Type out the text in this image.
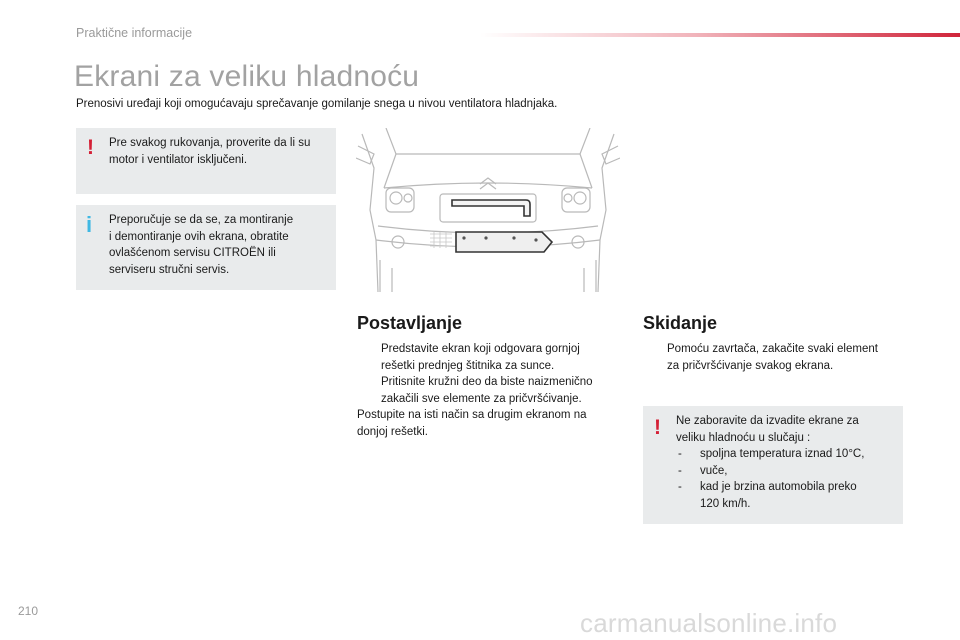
Praktične informacije
Ekrani za veliku hladnoću
Prenosivi uređaji koji omogućavaju sprečavanje gomilanje snega u nivou ventilatora hladnjaka.
! Pre svakog rukovanja, proverite da li su
motor i ventilator isključeni.
i Preporučuje se da se, za montiranje
i demontiranje ovih ekrana, obratite
ovlašćenom servisu CITROËN ili
serviseru stručni servis.
Postavljanje
Predstavite ekran koji odgovara gornjoj
rešetki prednjeg štitnika za sunce.
Pritisnite kružni deo da biste naizmenično
zakačili sve elemente za pričvršćivanje.
Postupite na isti način sa drugim ekranom na
donjoj rešetki.
Skidanje
Pomoću zavrtača, zakačite svaki element
za pričvršćivanje svakog ekrana.
! Ne zaboravite da izvadite ekrane za
veliku hladnoću u slučaju :
- spoljna temperatura iznad 10°C,
- vuče,
- kad je brzina automobila preko
120 km/h.
210	carmanualsonline.info
